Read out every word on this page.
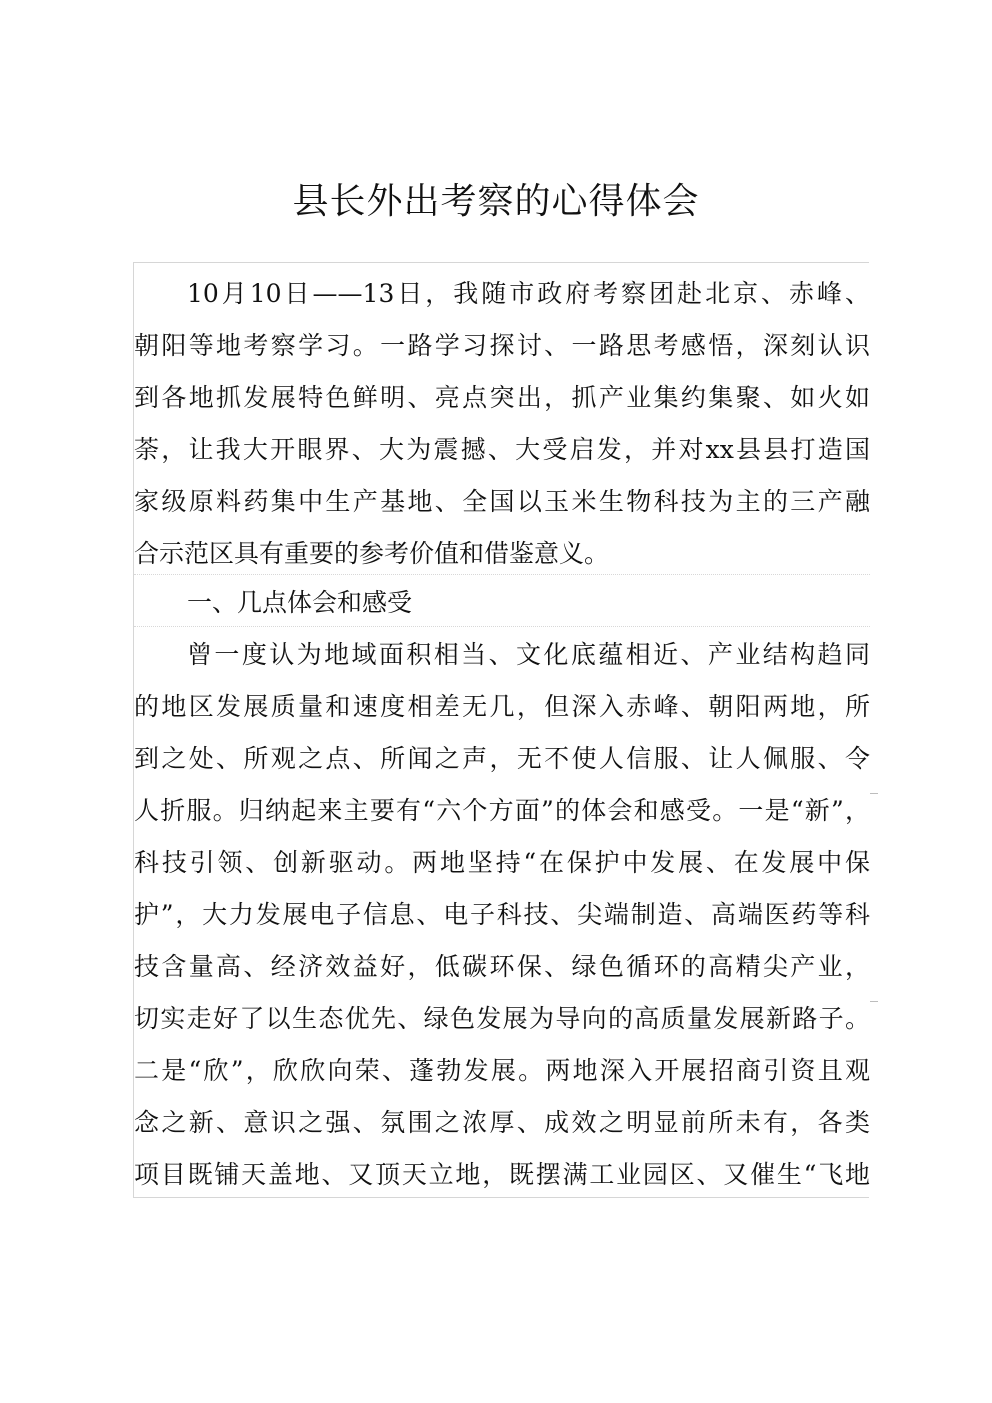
县长外出考察的心得体会
10月10日——13日，我随市政府考察团赴北京、赤峰、
朝阳等地考察学习。一路学习探讨、一路思考感悟，深刻认识
到各地抓发展特色鲜明、亮点突出，抓产业集约集聚、如火如
荼，让我大开眼界、大为震撼、大受启发，并对xx县县打造国
家级原料药集中生产基地、全国以玉米生物科技为主的三产融
合示范区具有重要的参考价值和借鉴意义。
一、几点体会和感受
曾一度认为地域面积相当、文化底蕴相近、产业结构趋同
的地区发展质量和速度相差无几，但深入赤峰、朝阳两地，所
到之处、所观之点、所闻之声，无不使人信服、让人佩服、令
人折服。归纳起来主要有“六个方面”的体会和感受。一是“新”，
科技引领、创新驱动。两地坚持“在保护中发展、在发展中保
护”，大力发展电子信息、电子科技、尖端制造、高端医药等科
技含量高、经济效益好，低碳环保、绿色循环的高精尖产业，
切实走好了以生态优先、绿色发展为导向的高质量发展新路子。
二是“欣”，欣欣向荣、蓬勃发展。两地深入开展招商引资且观
念之新、意识之强、氛围之浓厚、成效之明显前所未有，各类
项目既铺天盖地、又顶天立地，既摆满工业园区、又催生“飞地
